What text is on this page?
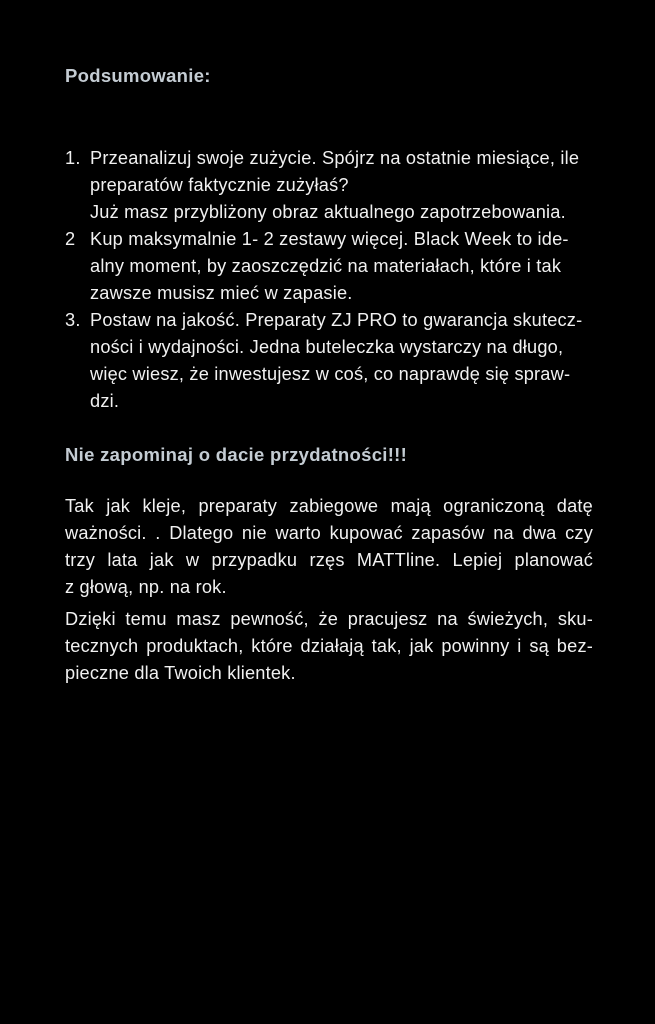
Podsumowanie:
1. Przeanalizuj swoje zużycie. Spójrz na ostatnie miesiące, ile
preparatów faktycznie zużyłaś?
Już masz przybliżony obraz aktualnego zapotrzebowania.
2 Kup maksymalnie 1- 2 zestawy więcej. Black Week to ide-
alny moment, by zaoszczędzić na materiałach, które i tak
zawsze musisz mieć w zapasie.
3. Postaw na jakość. Preparaty ZJ PRO to gwarancja skutecz-
ności i wydajności. Jedna buteleczka wystarczy na długo,
więc wiesz, że inwestujesz w coś, co naprawdę się spraw-
dzi.
Nie zapominaj o dacie przydatności!!!
Tak jak kleje, preparaty zabiegowe mają ograniczoną datę
ważności. . Dlatego nie warto kupować zapasów na dwa czy
trzy lata jak w przypadku rzęs MATTline. Lepiej planować
z głową, np. na rok.
Dzięki temu masz pewność, że pracujesz na świeżych, sku-
tecznych produktach, które działają tak, jak powinny i są bez-
pieczne dla Twoich klientek.
